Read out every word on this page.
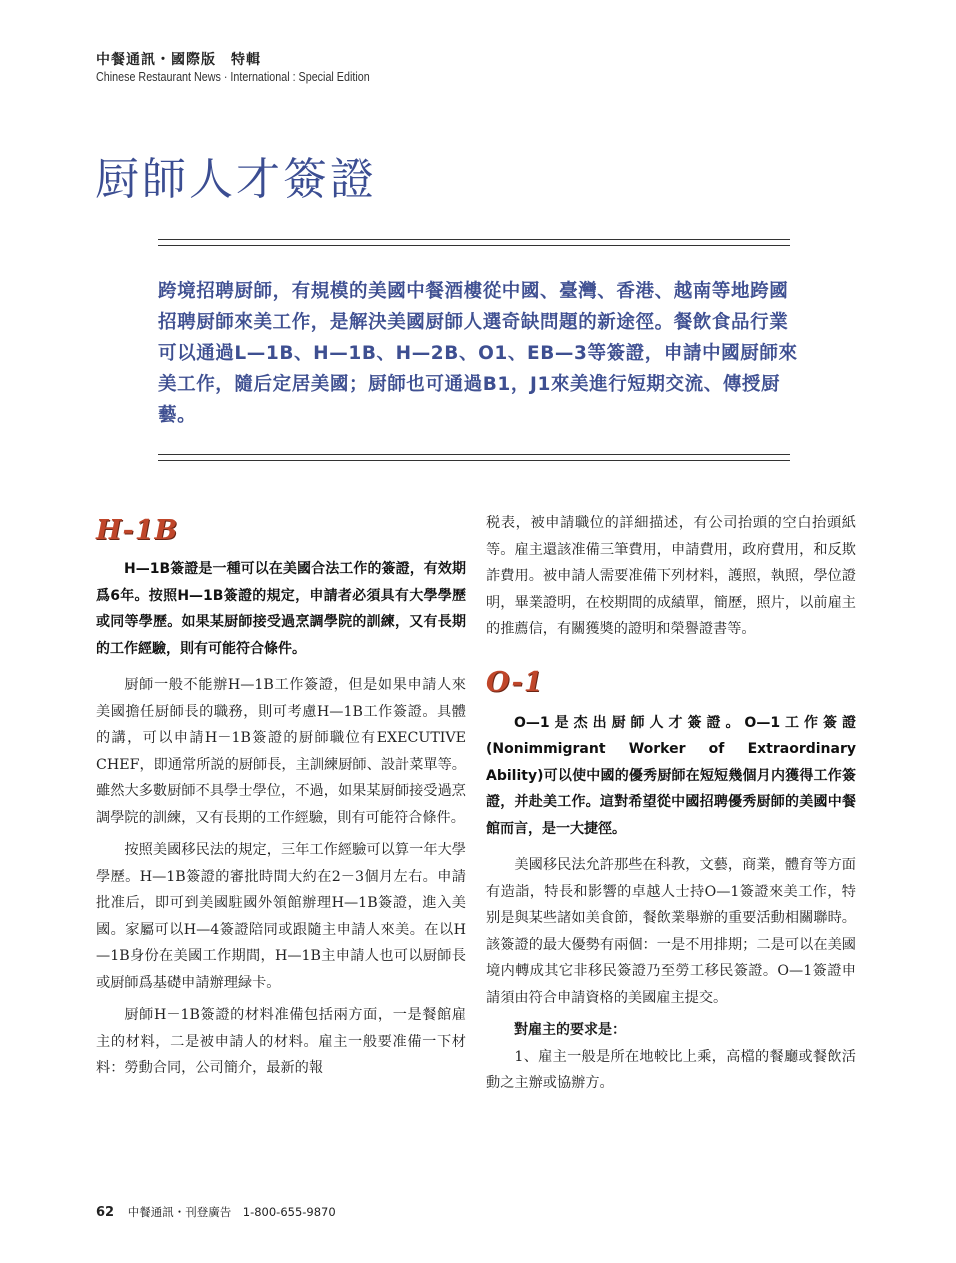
中餐通訊・國際版　特輯
Chinese Restaurant News · International : Special Edition
厨師人才簽證

跨境招聘厨師，有規模的美國中餐酒樓從中國、臺灣、香港、越南等地跨國招聘厨師來美工作，是解決美國厨師人選奇缺問題的新途徑。餐飲食品行業可以通過L—1B、H—1B、H—2B、O1、EB—3等簽證，申請中國厨師來美工作，隨后定居美國；厨師也可通過B1，J1來美進行短期交流、傳授厨藝。

H-1B

H—1B簽證是一種可以在美國合法工作的簽證，有效期爲6年。按照H—1B簽證的規定，申請者必須具有大學學歷或同等學歷。如果某厨師接受過烹調學院的訓練，又有長期的工作經驗，則有可能符合條件。

厨師一般不能辦H—1B工作簽證，但是如果申請人來美國擔任厨師長的職務，則可考慮H—1B工作簽證。具體的講，可以申請H－1B簽證的厨師職位有EXECUTIVE CHEF，即通常所説的厨師長，主訓練厨師、設計菜單等。雖然大多數厨師不具學士學位，不過，如果某厨師接受過烹調學院的訓練，又有長期的工作經驗，則有可能符合條件。

按照美國移民法的規定，三年工作經驗可以算一年大學學歷。H—1B簽證的審批時間大約在2－3個月左右。申請批准后，即可到美國駐國外領館辦理H—1B簽證，進入美國。家屬可以H—4簽證陪同或跟隨主申請人來美。在以H—1B身份在美國工作期間，H—1B主申請人也可以厨師長或厨師爲基礎申請辦理緑卡。

厨師H－1B簽證的材料准備包括兩方面，一是餐館雇主的材料，二是被申請人的材料。雇主一般要准備一下材料：勞動合同，公司簡介，最新的報

税表，被申請職位的詳細描述，有公司抬頭的空白抬頭紙等。雇主還該准備三筆費用，申請費用，政府費用，和反欺詐費用。被申請人需要准備下列材料，護照，執照，學位證明，畢業證明，在校期間的成績單，簡歷，照片，以前雇主的推薦信，有關獲奬的證明和榮譽證書等。

O-1

O—1是杰出厨師人才簽證。O—1工作簽證(Nonimmigrant Worker of Extraordinary Ability)可以使中國的優秀厨師在短短幾個月内獲得工作簽證，并赴美工作。這對希望從中國招聘優秀厨師的美國中餐館而言，是一大捷徑。

美國移民法允許那些在科教，文藝，商業，體育等方面有造詣，特長和影響的卓越人士持O—1簽證來美工作，特别是與某些諸如美食節，餐飲業舉辦的重要活動相關聯時。該簽證的最大優勢有兩個：一是不用排期；二是可以在美國境内轉成其它非移民簽證乃至勞工移民簽證。O—1簽證申請須由符合申請資格的美國雇主提交。

對雇主的要求是：

1、雇主一般是所在地較比上乘，高檔的餐廳或餐飲活動之主辦或協辦方。

62 中餐通訊・刊登廣告　1-800-655-9870
